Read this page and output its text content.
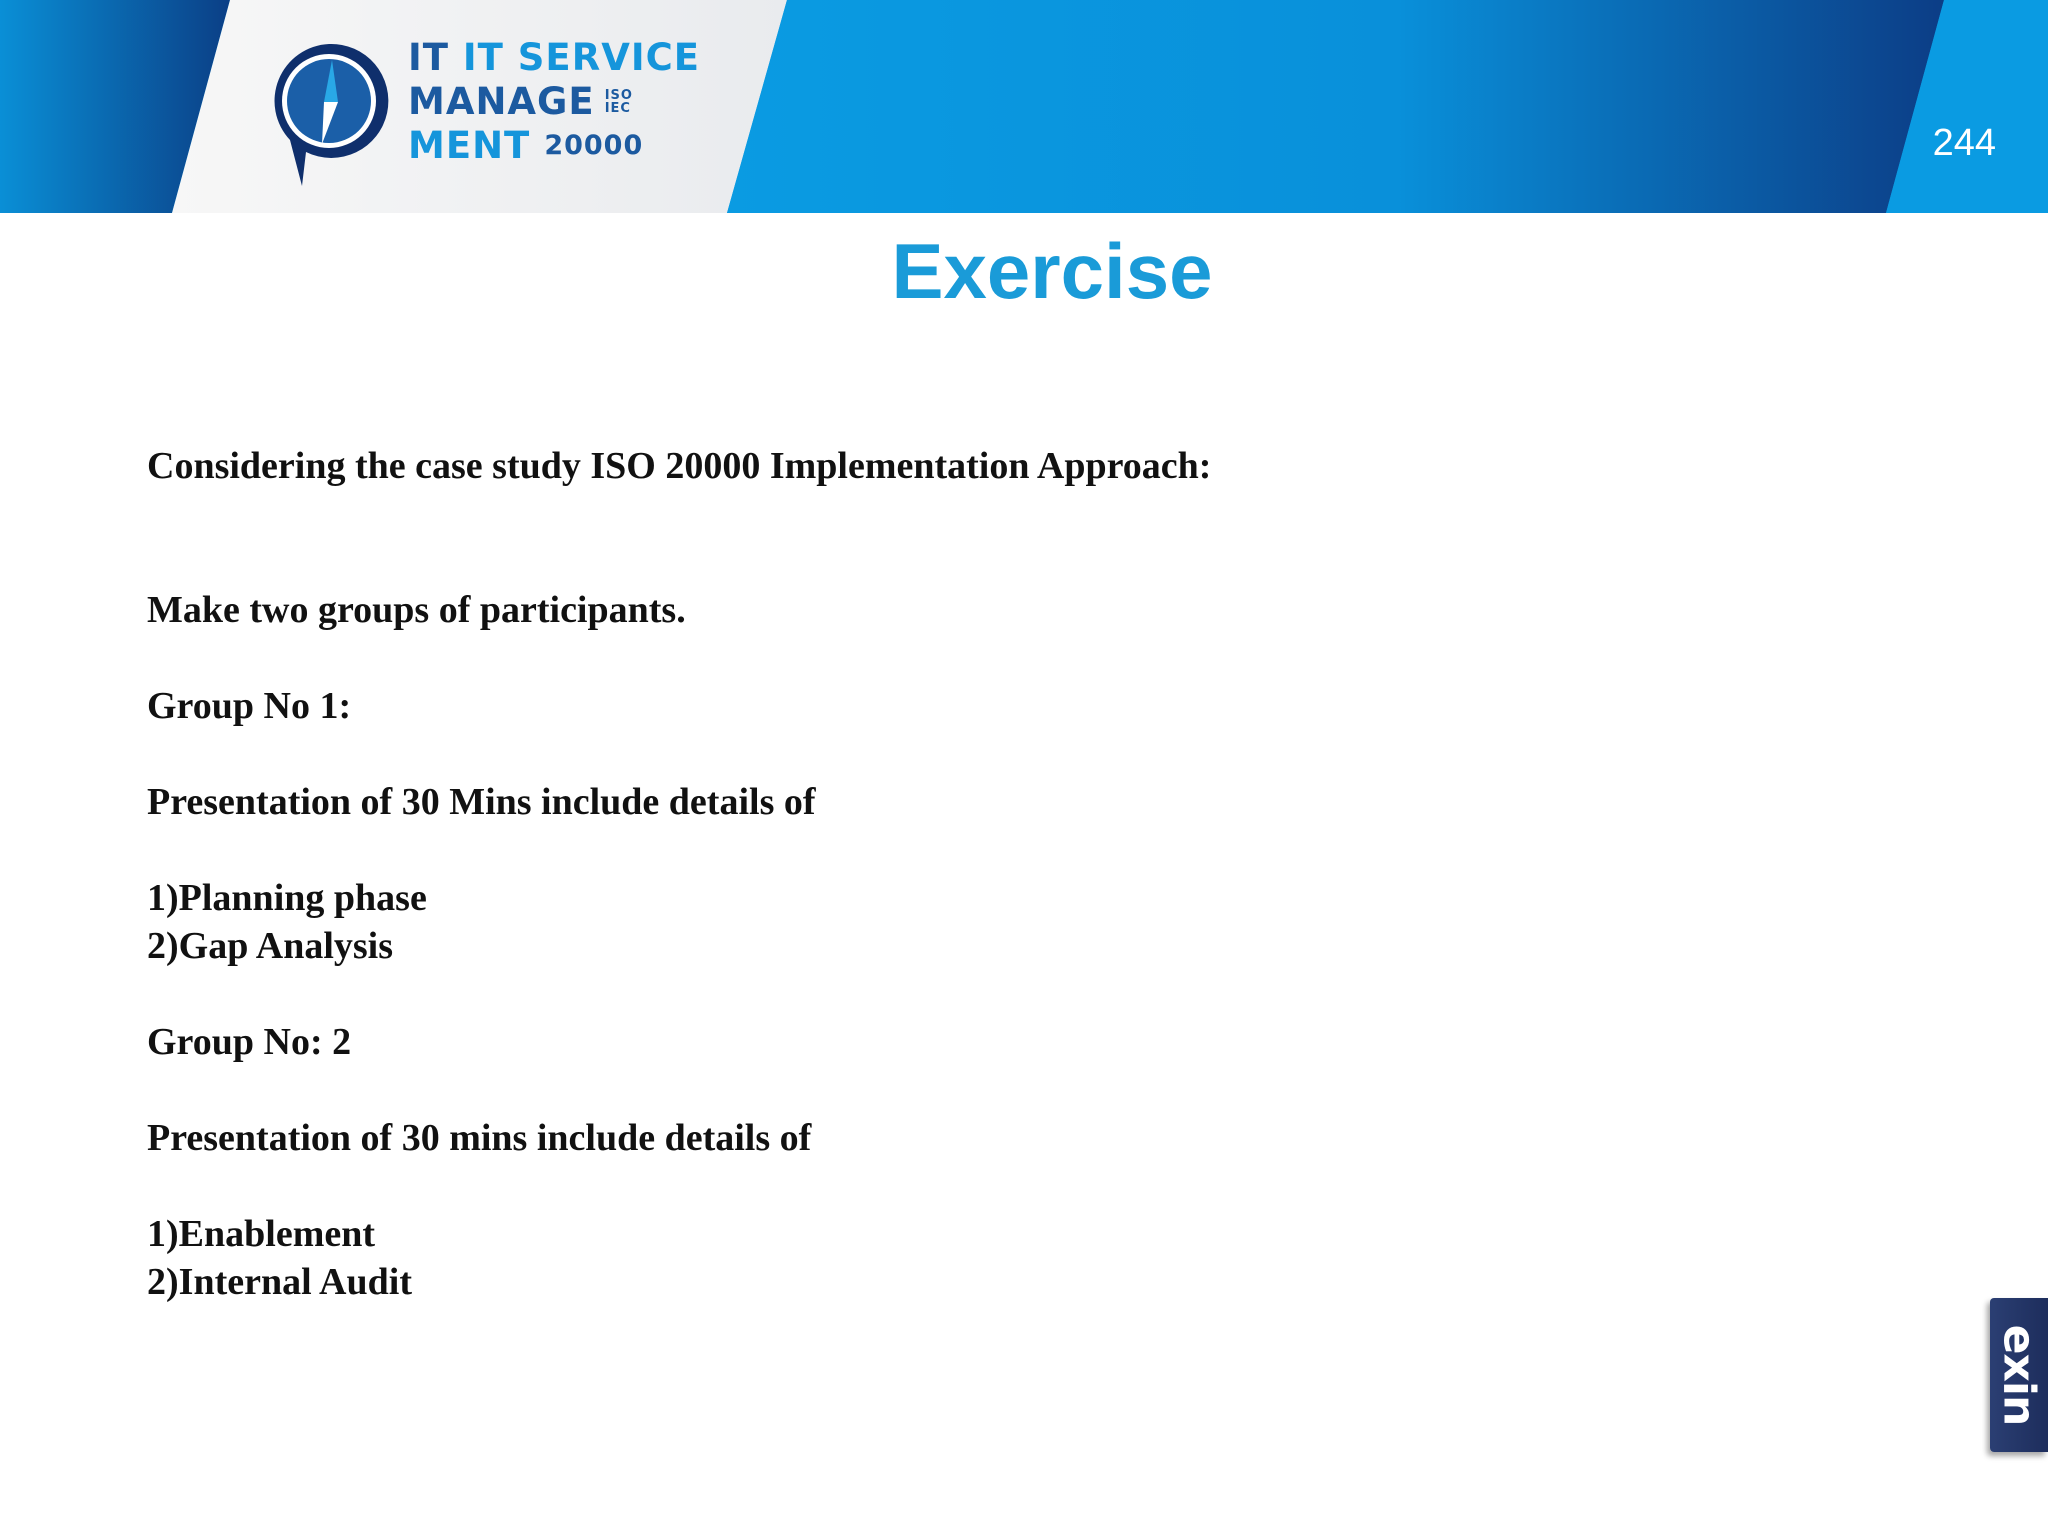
IT IT SERVICE
MANAGE ISO
IEC
MENT 20000	244
Exercise
Considering the case study ISO 20000 Implementation Approach:
Make two groups of participants.
Group No 1:
Presentation of 30 Mins include details of
1)Planning phase
2)Gap Analysis
Group No: 2
Presentation of 30 mins include details of
1)Enablement
2)Internal Audit
exin
